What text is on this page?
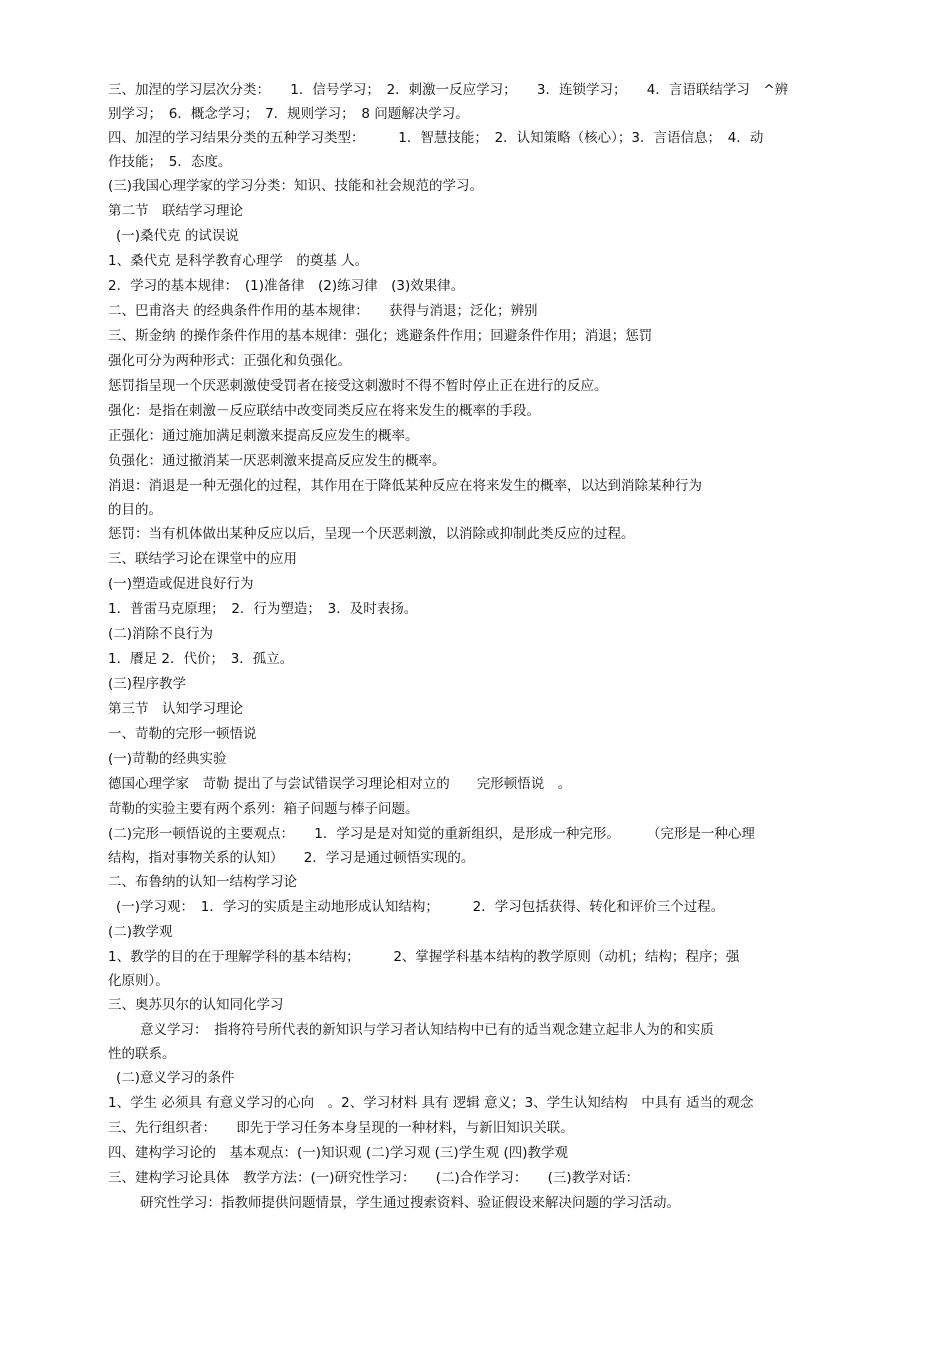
三、加涅的学习层次分类：　　1．信号学习；　2．刺激一反应学习；　　3．连锁学习；　　4．言语联结学习　^辨
别学习；　6．概念学习；　7．规则学习；　8 问题解决学习。
四、加涅的学习结果分类的五种学习类型：　　　1．智慧技能；　2．认知策略（核心）；3．言语信息；　4．动
作技能；　5．态度。
(三)我国心理学家的学习分类：知识、技能和社会规范的学习。
第二节　联结学习理论
(一)桑代克 的试误说
1、桑代克 是科学教育心理学　的奠基 人。
2．学习的基本规律：　(1)准备律　(2)练习律　(3)效果律。
二、巴甫洛夫 的经典条件作用的基本规律：　　获得与消退；泛化；辨别
三、斯金纳 的操作条件作用的基本规律：强化；逃避条件作用；回避条件作用；消退；惩罚
强化可分为两种形式：正强化和负强化。
惩罚指呈现一个厌恶刺激使受罚者在接受这刺激时不得不暂时停止正在进行的反应。
强化：是指在刺激－反应联结中改变同类反应在将来发生的概率的手段。
正强化：通过施加满足刺激来提高反应发生的概率。
负强化：通过撤消某一厌恶刺激来提高反应发生的概率。
消退：消退是一种无强化的过程，其作用在于降低某种反应在将来发生的概率，以达到消除某种行为
的目的。
惩罚：当有机体做出某种反应以后，呈现一个厌恶刺激，以消除或抑制此类反应的过程。
三、联结学习论在课堂中的应用
(一)塑造或促进良好行为
1．普雷马克原理；　2．行为塑造；　3．及时表扬。
(二)消除不良行为
1．餍足 2．代价；　3．孤立。
(三)程序教学
第三节　认知学习理论
一、苛勒的完形一顿悟说
(一)苛勒的经典实验
德国心理学家　苛勒 提出了与尝试错误学习理论相对立的　　完形顿悟说　。
苛勒的实验主要有两个系列：箱子问题与棒子问题。
(二)完形一顿悟说的主要观点：　　1．学习是是对知觉的重新组织，是形成一种完形。　　　（完形是一种心理
结构，指对事物关系的认知）　　2．学习是通过顿悟实现的。
二、布鲁纳的认知一结构学习论
(一)学习观：　1．学习的实质是主动地形成认知结构；　　　2．学习包括获得、转化和评价三个过程。
(二)教学观
1、教学的目的在于理解学科的基本结构；　　　2、掌握学科基本结构的教学原则（动机；结构；程序；强
化原则）。
三、奥苏贝尔的认知同化学习
意义学习：　指将符号所代表的新知识与学习者认知结构中已有的适当观念建立起非人为的和实质
性的联系。
(二)意义学习的条件
1、学生 必须具 有意义学习的心向　。2、学习材料 具有 逻辑 意义；3、学生认知结构　中具有 适当的观念
三、先行组织者：　　即先于学习任务本身呈现的一种材料，与新旧知识关联。
四、建构学习论的　基本观点：(一)知识观 (二)学习观 (三)学生观 (四)教学观
三、建构学习论具体　教学方法：(一)研究性学习：　　(二)合作学习：　　(三)教学对话：
研究性学习：指教师提供问题情景，学生通过搜索资料、验证假设来解决问题的学习活动。
